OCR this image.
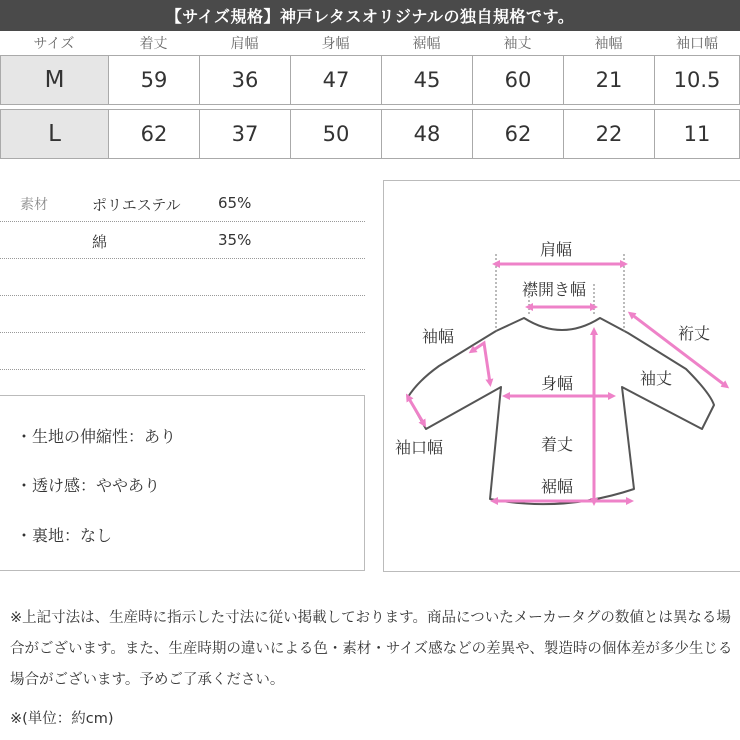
【サイズ規格】神戸レタスオリジナルの独自規格です。
サイズ	着丈	肩幅	身幅	裾幅	袖丈	袖幅	袖口幅
M	59	36	47	45	60	21	10.5
L	62	37	50	48	62	22	11
素材	ポリエステル 65%
綿	35%
・生地の伸縮性：あり
・透け感：ややあり
・裏地：なし
肩幅
襟開き幅
裄丈
袖丈
袖幅
身幅
袖口幅	着丈
裾幅
※上記寸法は、生産時に指示した寸法に従い掲載しております。商品についたメーカータグの数値とは異なる場合がございます。また、生産時期の違いによる色・素材・サイズ感などの差異や、製造時の個体差が多少生じる場合がございます。予めご了承ください。
※(単位：約cm)
